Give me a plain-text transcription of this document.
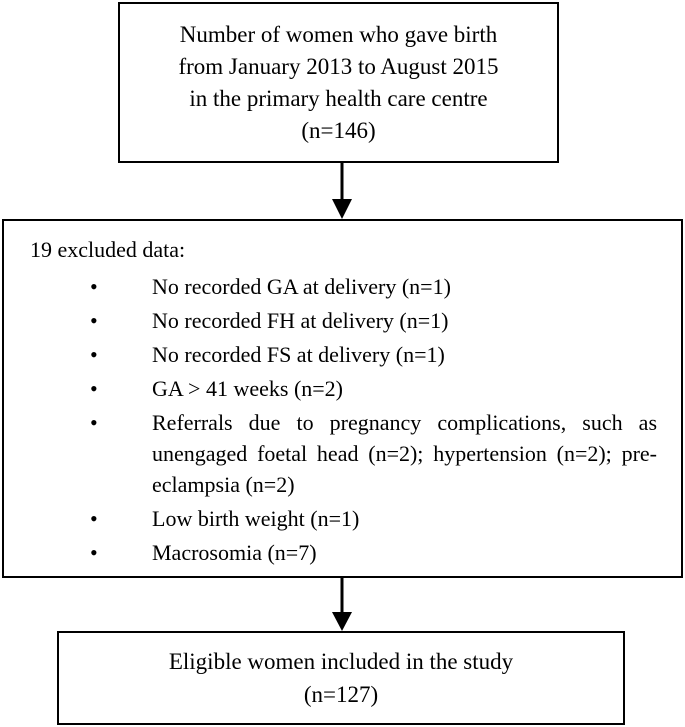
Number of women who gave birth
from January 2013 to August 2015
in the primary health care centre
(n=146)
19 excluded data:
• No recorded GA at delivery (n=1)
• No recorded FH at delivery (n=1)
• No recorded FS at delivery (n=1)
• GA > 41 weeks (n=2)
• Referrals due to pregnancy complications, such as unengaged foetal head (n=2); hypertension (n=2); pre-eclampsia (n=2)
• Low birth weight (n=1)
• Macrosomia (n=7)
Eligible women included in the study
(n=127)
